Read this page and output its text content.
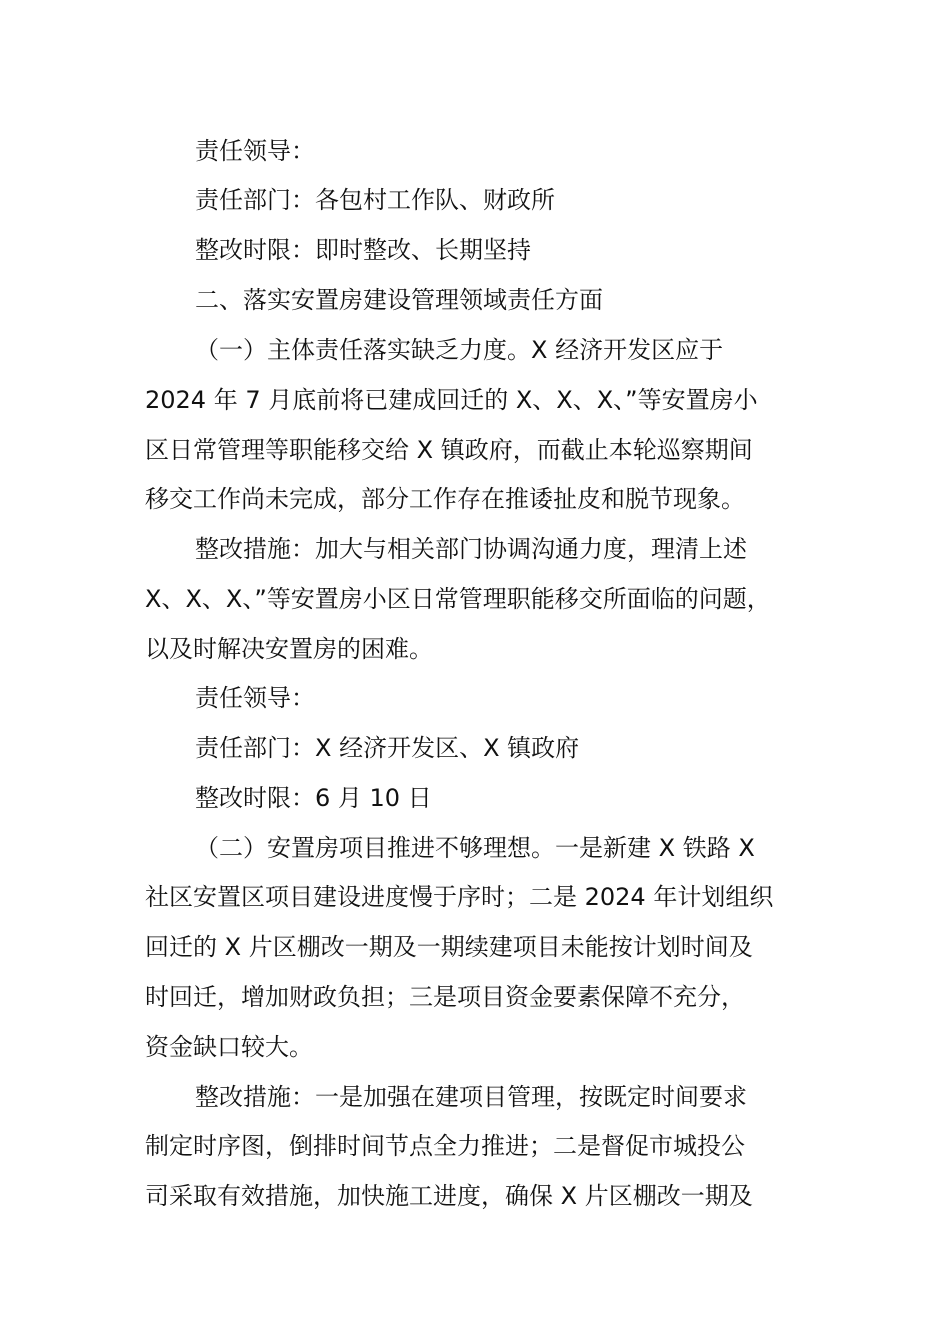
责任领导：
责任部门：各包村工作队、财政所
整改时限：即时整改、长期坚持
二、落实安置房建设管理领域责任方面
（一）主体责任落实缺乏力度。X 经济开发区应于
2024 年 7 月底前将已建成回迁的 X、X、X、”等安置房小
区日常管理等职能移交给 X 镇政府，而截止本轮巡察期间
移交工作尚未完成，部分工作存在推诿扯皮和脱节现象。
整改措施：加大与相关部门协调沟通力度，理清上述
X、X、X、”等安置房小区日常管理职能移交所面临的问题，
以及时解决安置房的困难。
责任领导：
责任部门：X 经济开发区、X 镇政府
整改时限：6 月 10 日
（二）安置房项目推进不够理想。一是新建 X 铁路 X
社区安置区项目建设进度慢于序时；二是 2024 年计划组织
回迁的 X 片区棚改一期及一期续建项目未能按计划时间及
时回迁，增加财政负担；三是项目资金要素保障不充分，
资金缺口较大。
整改措施：一是加强在建项目管理，按既定时间要求
制定时序图，倒排时间节点全力推进；二是督促市城投公
司采取有效措施，加快施工进度，确保 X 片区棚改一期及
